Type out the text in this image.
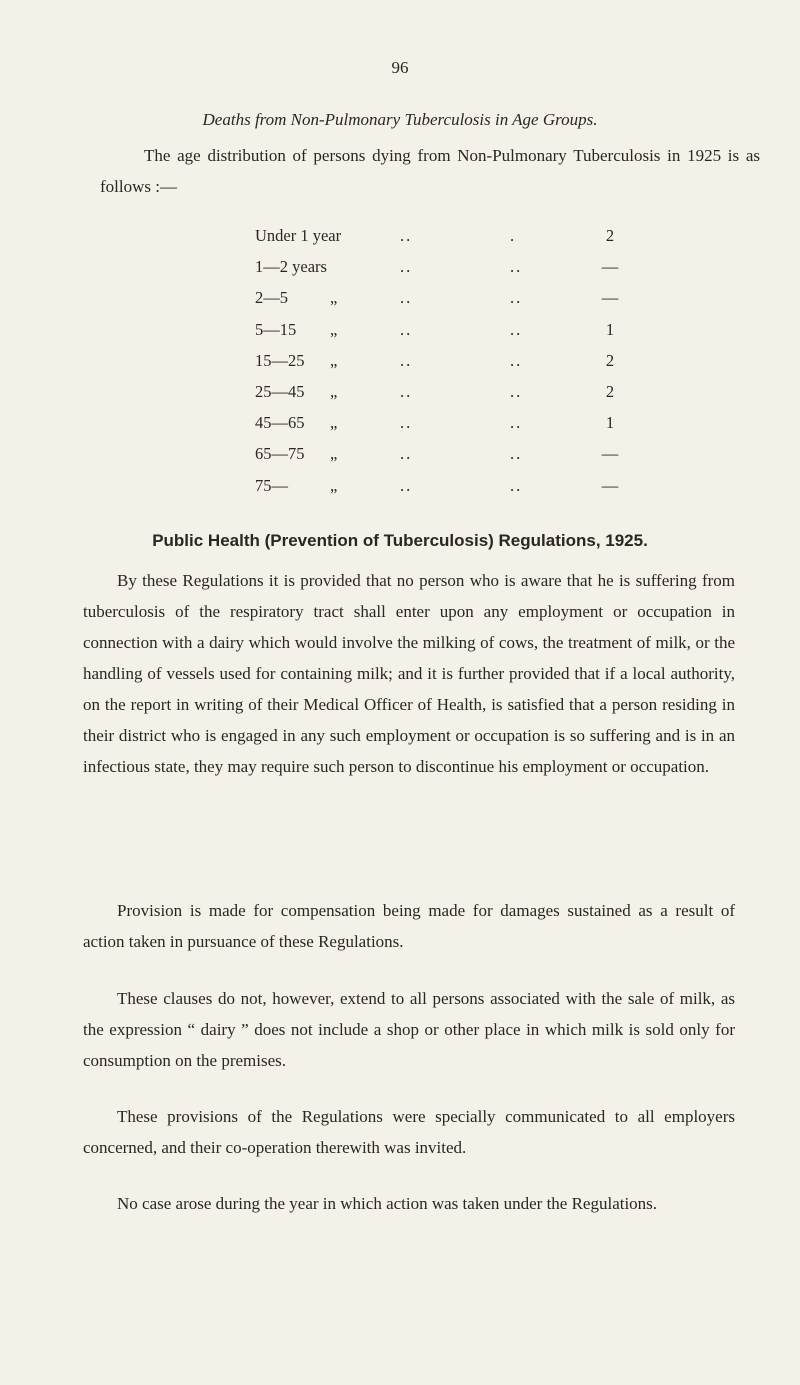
96
Deaths from Non-Pulmonary Tuberculosis in Age Groups.
The age distribution of persons dying from Non-Pulmonary Tuberculosis in 1925 is as follows :—
Under 1 year	..	.	2
1—2 years	..	..	—
2—5	„	..	..	—
5—15 „	..	..	1
15—25 „	..	..	2
25—45 „	..	..	2
45—65 „	..	..	1
65—75 „	..	..	—
75—	„	..	..	—
Public Health (Prevention of Tuberculosis) Regulations, 1925.
By these Regulations it is provided that no person who is aware that he is suffering from tuberculosis of the respiratory tract shall enter upon any employment or occupation in connection with a dairy which would involve the milking of cows, the treatment of milk, or the handling of vessels used for containing milk; and it is further provided that if a local authority, on the report in writing of their Medical Officer of Health, is satisfied that a person residing in their district who is engaged in any such employment or occupation is so suffering and is in an infectious state, they may require such person to discontinue his employment or occupation.
Provision is made for compensation being made for damages sustained as a result of action taken in pursuance of these Regulations.
These clauses do not, however, extend to all persons associated with the sale of milk, as the expression “ dairy ” does not include a shop or other place in which milk is sold only for consumption on the premises.
These provisions of the Regulations were specially communicated to all employers concerned, and their co-operation therewith was invited.
No case arose during the year in which action was taken under the Regulations.
